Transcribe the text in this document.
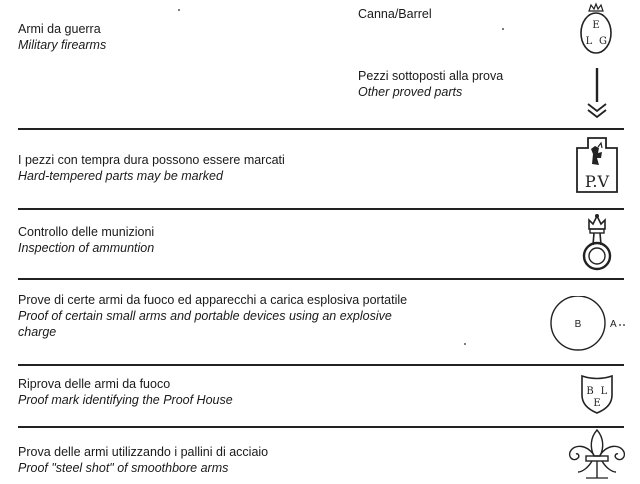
Armi da guerra
Military firearms
Canna/Barrel
E
L G
Pezzi sottoposti alla prova
Other proved parts
I pezzi con tempra dura possono essere marcati
Hard-tempered parts may be marked	P.V
Controllo delle munizioni
Inspection of ammuntion
Prove di certe armi da fuoco ed apparecchi a carica esplosiva portatile
Proof of certain small arms and portable devices using an explosive charge
B	A
Riprova delle armi da fuoco
Proof mark identifying the Proof House
B L
E
Prova delle armi utilizzando i pallini di acciaio
Proof "steel shot" of smoothbore arms
